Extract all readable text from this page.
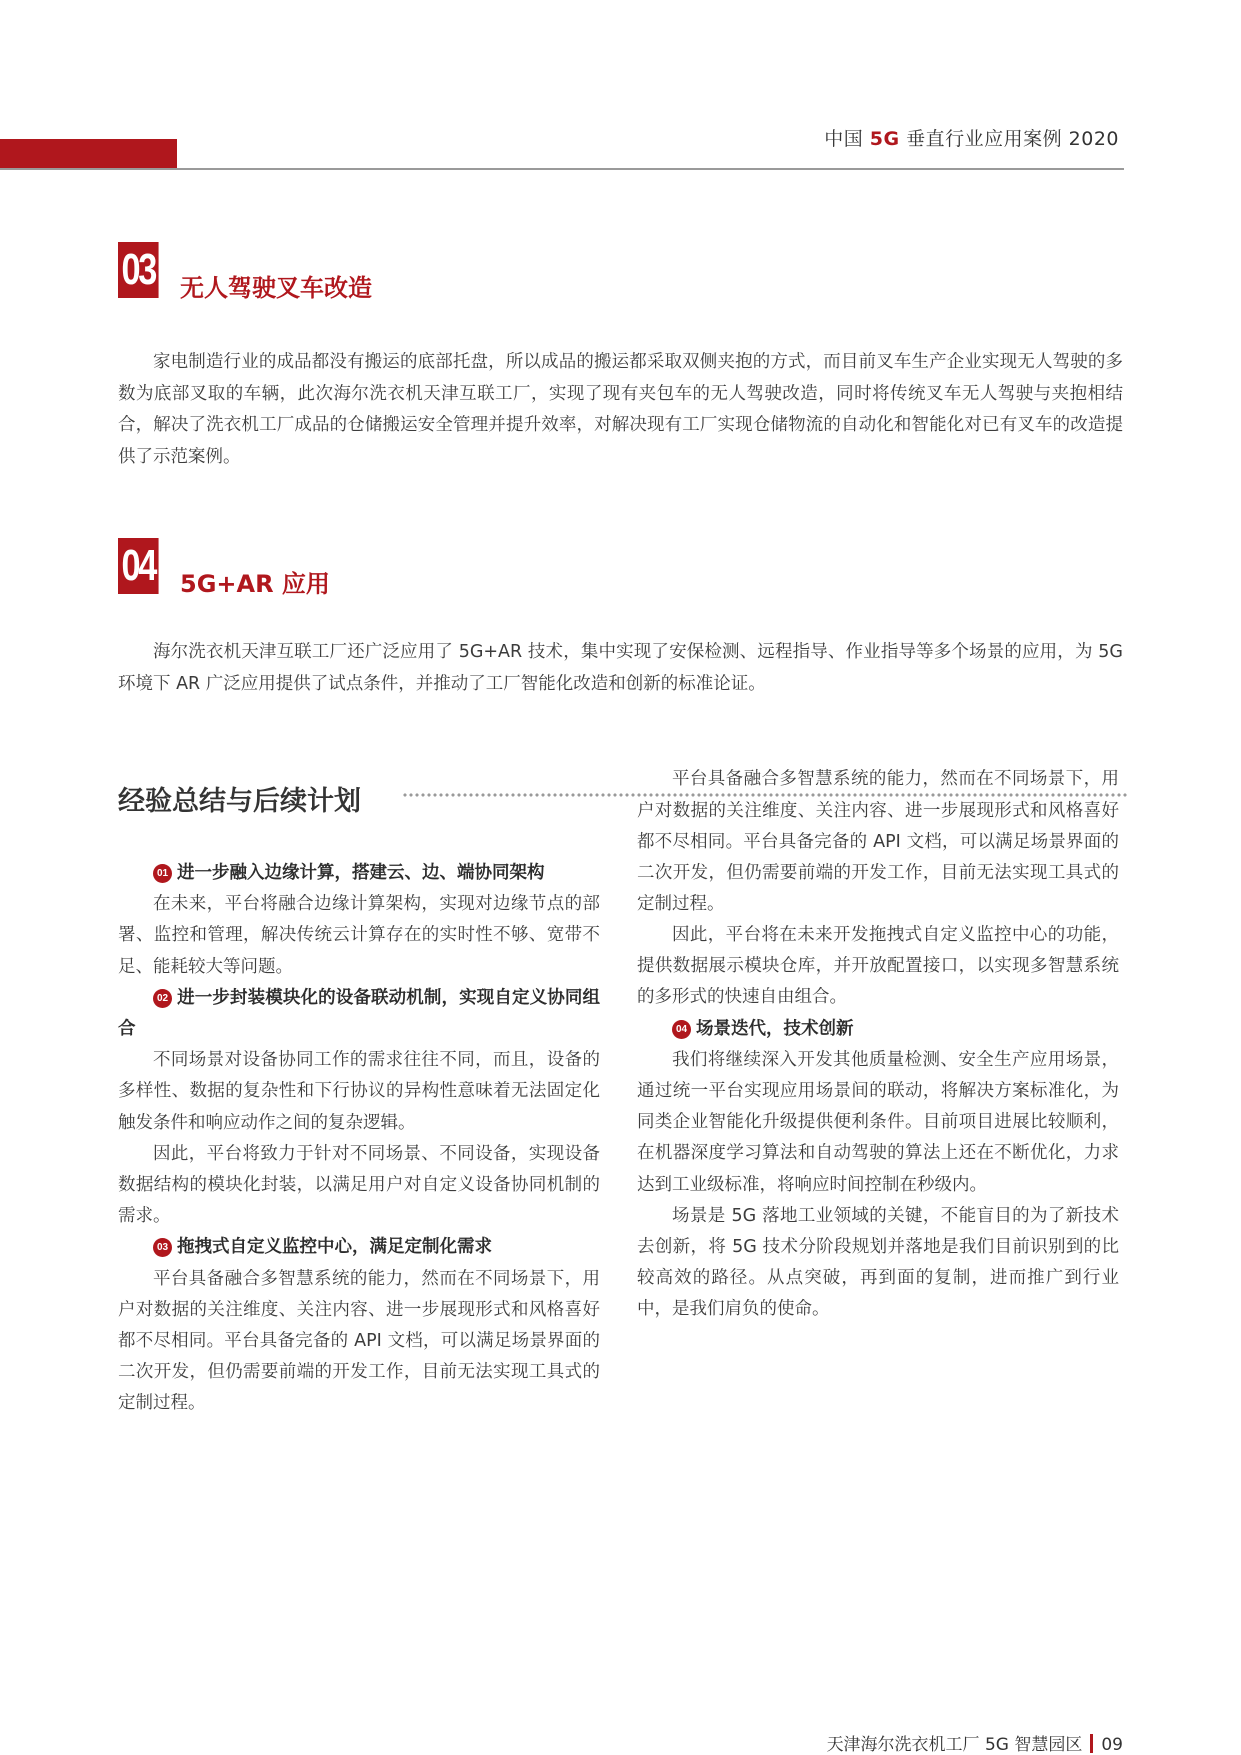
中国 5G 垂直行业应用案例 2020
03 无人驾驶叉车改造

家电制造行业的成品都没有搬运的底部托盘，所以成品的搬运都采取双侧夹抱的方式，而目前叉车生产企业实现无人驾驶的多数为底部叉取的车辆，此次海尔洗衣机天津互联工厂，实现了现有夹包车的无人驾驶改造，同时将传统叉车无人驾驶与夹抱相结合，解决了洗衣机工厂成品的仓储搬运安全管理并提升效率，对解决现有工厂实现仓储物流的自动化和智能化对已有叉车的改造提供了示范案例。

04 5G+AR 应用

海尔洗衣机天津互联工厂还广泛应用了 5G+AR 技术，集中实现了安保检测、远程指导、作业指导等多个场景的应用，为 5G 环境下 AR 广泛应用提供了试点条件，并推动了工厂智能化改造和创新的标准论证。

经验总结与后续计划

01 进一步融入边缘计算，搭建云、边、端协同架构

在未来，平台将融合边缘计算架构，实现对边缘节点的部署、监控和管理，解决传统云计算存在的实时性不够、宽带不足、能耗较大等问题。

02 进一步封装模块化的设备联动机制，实现自定义协同组合

不同场景对设备协同工作的需求往往不同，而且，设备的多样性、数据的复杂性和下行协议的异构性意味着无法固定化触发条件和响应动作之间的复杂逻辑。

因此，平台将致力于针对不同场景、不同设备，实现设备数据结构的模块化封装，以满足用户对自定义设备协同机制的需求。

03 拖拽式自定义监控中心，满足定制化需求

平台具备融合多智慧系统的能力，然而在不同场景下，用户对数据的关注维度、关注内容、进一步展现形式和风格喜好都不尽相同。平台具备完备的 API 文档，可以满足场景界面的二次开发，但仍需要前端的开发工作，目前无法实现工具式的定制过程。

平台具备融合多智慧系统的能力，然而在不同场景下，用户对数据的关注维度、关注内容、进一步展现形式和风格喜好都不尽相同。平台具备完备的 API 文档，可以满足场景界面的二次开发，但仍需要前端的开发工作，目前无法实现工具式的定制过程。

因此，平台将在未来开发拖拽式自定义监控中心的功能，提供数据展示模块仓库，并开放配置接口，以实现多智慧系统的多形式的快速自由组合。

04 场景迭代，技术创新

我们将继续深入开发其他质量检测、安全生产应用场景，通过统一平台实现应用场景间的联动，将解决方案标准化，为同类企业智能化升级提供便利条件。目前项目进展比较顺利，在机器深度学习算法和自动驾驶的算法上还在不断优化，力求达到工业级标准，将响应时间控制在秒级内。

场景是 5G 落地工业领域的关键，不能盲目的为了新技术去创新，将 5G 技术分阶段规划并落地是我们目前识别到的比较高效的路径。从点突破，再到面的复制，进而推广到行业中，是我们肩负的使命。

天津海尔洗衣机工厂 5G 智慧园区 09
